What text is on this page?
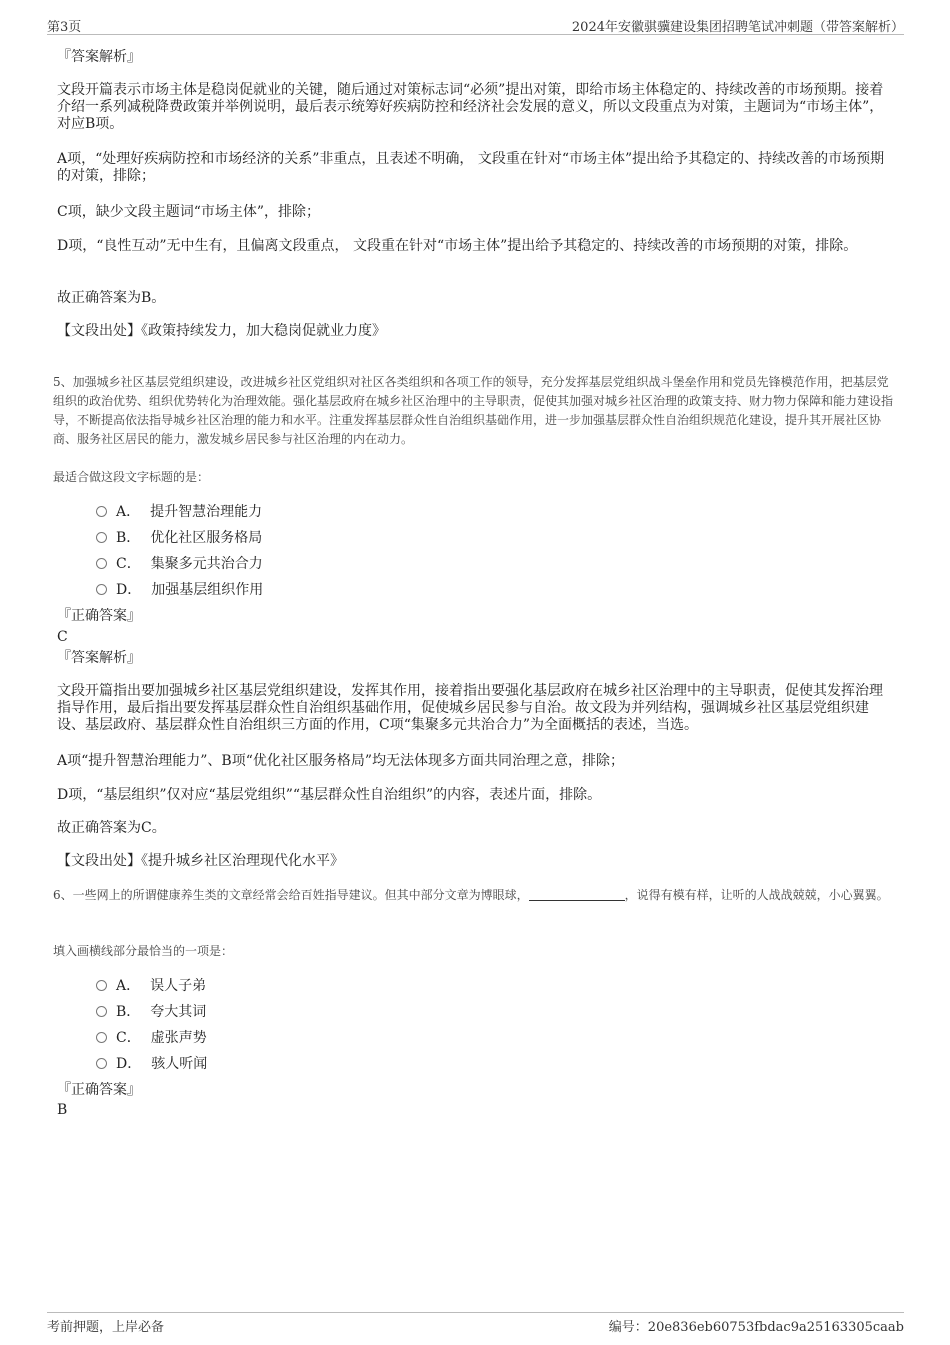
第3页	2024年安徽骐骥建设集团招聘笔试冲刺题（带答案解析）
『答案解析』

文段开篇表示市场主体是稳岗促就业的关键，随后通过对策标志词“必须”提出对策，即给市场主体稳定的、持续改善的市场预期。接着介绍一系列减税降费政策并举例说明，最后表示统筹好疾病防控和经济社会发展的意义，所以文段重点为对策，主题词为“市场主体”，对应B项。

A项，“处理好疾病防控和市场经济的关系”非重点，且表述不明确， 文段重在针对“市场主体”提出给予其稳定的、持续改善的市场预期的对策，排除；

C项，缺少文段主题词“市场主体”，排除；

D项，“良性互动”无中生有，且偏离文段重点， 文段重在针对“市场主体”提出给予其稳定的、持续改善的市场预期的对策，排除。

故正确答案为B。

【文段出处】《政策持续发力，加大稳岗促就业力度》

5、加强城乡社区基层党组织建设，改进城乡社区党组织对社区各类组织和各项工作的领导，充分发挥基层党组织战斗堡垒作用和党员先锋模范作用，把基层党组织的政治优势、组织优势转化为治理效能。强化基层政府在城乡社区治理中的主导职责，促使其加强对城乡社区治理的政策支持、财力物力保障和能力建设指导，不断提高依法指导城乡社区治理的能力和水平。注重发挥基层群众性自治组织基础作用，进一步加强基层群众性自治组织规范化建设，提升其开展社区协商、服务社区居民的能力，激发城乡居民参与社区治理的内在动力。

最适合做这段文字标题的是：

A． 提升智慧治理能力
B． 优化社区服务格局
C． 集聚多元共治合力
D． 加强基层组织作用
『正确答案』
C
『答案解析』

文段开篇指出要加强城乡社区基层党组织建设，发挥其作用，接着指出要强化基层政府在城乡社区治理中的主导职责，促使其发挥治理指导作用，最后指出要发挥基层群众性自治组织基础作用，促使城乡居民参与自治。故文段为并列结构，强调城乡社区基层党组织建设、基层政府、基层群众性自治组织三方面的作用，C项“集聚多元共治合力”为全面概括的表述，当选。

A项“提升智慧治理能力”、B项“优化社区服务格局”均无法体现多方面共同治理之意，排除；

D项，“基层组织”仅对应“基层党组织”“基层群众性自治组织”的内容，表述片面，排除。

故正确答案为C。

【文段出处】《提升城乡社区治理现代化水平》

6、一些网上的所谓健康养生类的文章经常会给百姓指导建议。但其中部分文章为博眼球，	，说得有模有样，让听的人战战兢兢，小心翼翼。

填入画横线部分最恰当的一项是：

A． 误人子弟
B． 夸大其词
C． 虚张声势
D． 骇人听闻
『正确答案』
B
考前押题，上岸必备	编号：20e836eb60753fbdac9a25163305caab
